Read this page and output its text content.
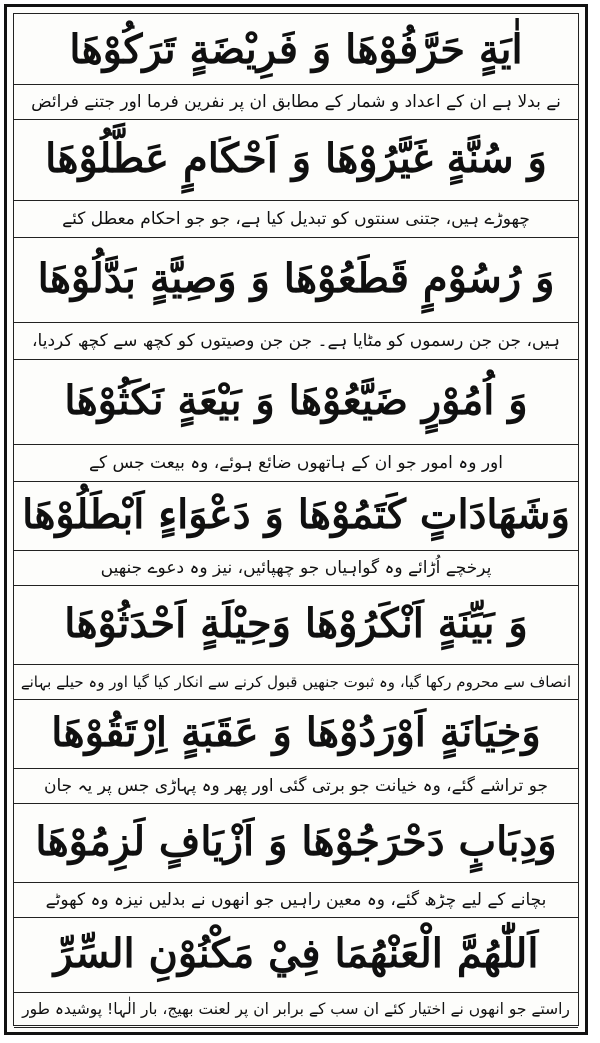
اٰيَةٍ حَرَّفُوْهَا وَ فَرِيْضَةٍ تَرَكُوْهَا
نے بدلا ہے ان کے اعداد و شمار کے مطابق ان پر نفرین فرما اور جتنے فرائض
وَ سُنَّةٍ غَيَّرُوْهَا وَ اَحْكَامٍ عَطَّلُوْهَا
چھوڑے ہیں، جتنی سنتوں کو تبدیل کیا ہے، جو جو احکام معطل کئے
وَ رُسُوْمٍ قَطَعُوْهَا وَ وَصِيَّةٍ بَدَّلُوْهَا
ہیں، جن جن رسموں کو مٹایا ہے۔ جن جن وصیتوں کو کچھ سے کچھ کردیا،
وَ اُمُوْرٍ ضَيَّعُوْهَا وَ بَيْعَةٍ نَكَثُوْهَا
اور وہ امور جو ان کے ہاتھوں ضائع ہوئے، وہ بیعت جس کے
وَشَهَادَاتٍ كَتَمُوْهَا وَ دَعْوَاءٍ اَبْطَلُوْهَا
پرخچے اُڑائے وہ گواہیاں جو چھپائیں، نیز وہ دعوے جنھیں
وَ بَيِّنَةٍ اَنْكَرُوْهَا وَحِيْلَةٍ اَحْدَثُوْهَا
انصاف سے محروم رکھا گیا، وہ ثبوت جنھیں قبول کرنے سے انکار کیا گیا اور وہ حیلے بہانے
وَخِيَانَةٍ اَوْرَدُوْهَا وَ عَقَبَةٍ اِرْتَقُوْهَا
جو تراشے گئے، وہ خیانت جو برتی گئی اور پھر وہ پہاڑی جس پر یہ جان
وَدِبَابٍ دَحْرَجُوْهَا وَ اَزْيَافٍ لَزِمُوْهَا
بچانے کے لیے چڑھ گئے، وہ معین راہیں جو انھوں نے بدلیں نیزہ وہ کھوٹے
اَللّٰهُمَّ الْعَنْهُمَا فِيْ مَكْنُوْنِ السِّرِّ
راستے جو انھوں نے اختیار کئے ان سب کے برابر ان پر لعنت بھیج، بار الٰہا! پوشیدہ طور
